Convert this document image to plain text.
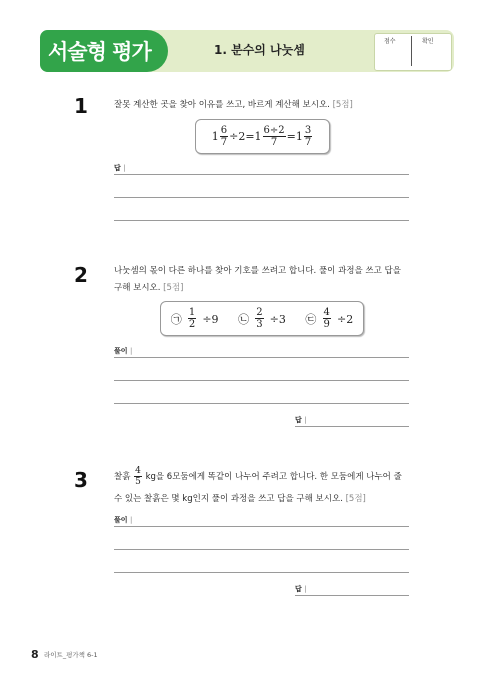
서술형 평가	1. 분수의 나눗셈
점수	확인
1	잘못 계산한 곳을 찾아 이유를 쓰고, 바르게 계산해 보시오. [5점]
$1 \frac{6}{7} \div 2= 1 \frac{6\div 2}{7} = 1 \frac{3}{7}$
답 |
2	나눗셈의 몫이 다른 하나를 찾아 기호를 쓰려고 합니다. 풀이 과정을 쓰고 답을
구해 보시오. [5점]
㉠ $\frac{1}{2} \div 9$ ㉡ $\frac{2}{3} \div 3$ ㉢ $\frac{4}{9} \div 2$
풀이 |
답 |
3	찰흙 $\frac{4}{5}$ kg을 6모둠에게 똑같이 나누어 주려고 합니다. 한 모둠에게 나누어 줄
수 있는 찰흙은 몇 kg인지 풀이 과정을 쓰고 답을 구해 보시오. [5점]
풀이 |
답 |
8 라이트_평가책 6-1
